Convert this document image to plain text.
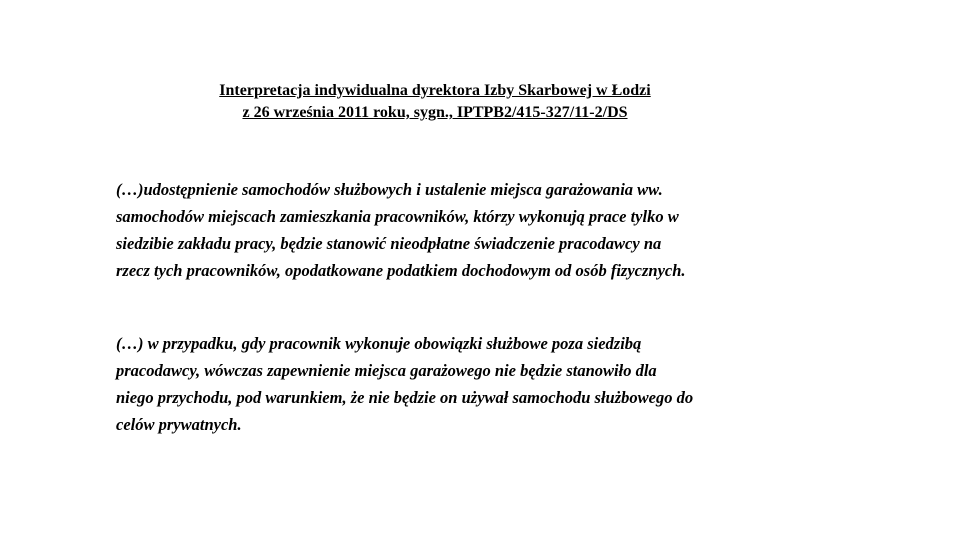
Interpretacja indywidualna dyrektora Izby Skarbowej w Łodzi
z 26 września 2011 roku, sygn., IPTPB2/415-327/11-2/DS
(…)udostępnienie samochodów służbowych i ustalenie miejsca garażowania ww.
samochodów miejscach zamieszkania pracowników, którzy wykonują prace tylko w
siedzibie zakładu pracy, będzie stanowić nieodpłatne świadczenie pracodawcy na
rzecz tych pracowników, opodatkowane podatkiem dochodowym od osób fizycznych.
(…) w przypadku, gdy pracownik wykonuje obowiązki służbowe poza siedzibą
pracodawcy, wówczas zapewnienie miejsca garażowego nie będzie stanowiło dla
niego przychodu, pod warunkiem, że nie będzie on używał samochodu służbowego do
celów prywatnych.
